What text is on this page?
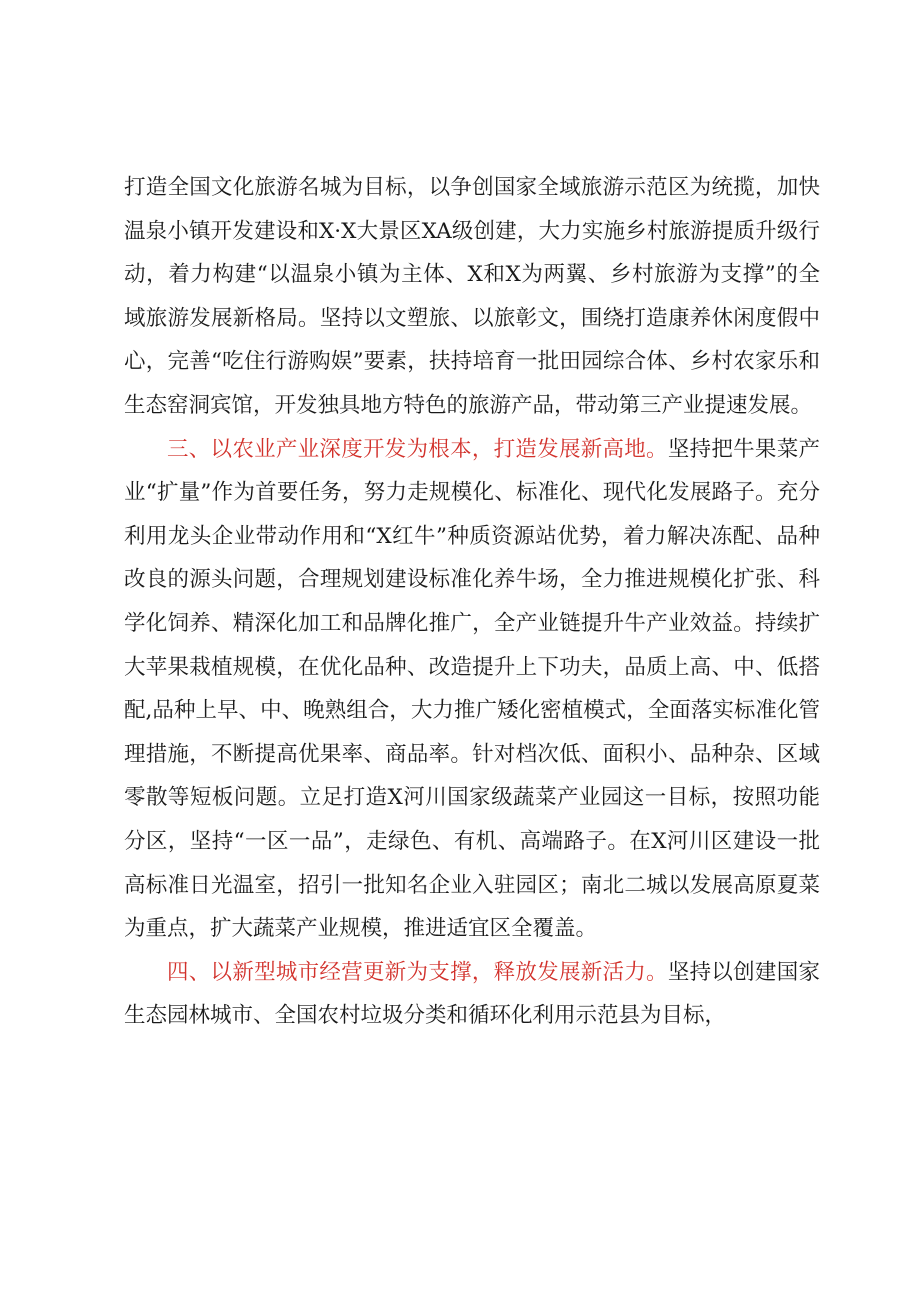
打造全国文化旅游名城为目标，以争创国家全域旅游示范区为统揽，加快温泉小镇开发建设和X·X大景区XA级创建，大力实施乡村旅游提质升级行动，着力构建“以温泉小镇为主体、X和X为两翼、乡村旅游为支撑”的全域旅游发展新格局。坚持以文塑旅、以旅彰文，围绕打造康养休闲度假中心，完善“吃住行游购娱”要素，扶持培育一批田园综合体、乡村农家乐和生态窑洞宾馆，开发独具地方特色的旅游产品，带动第三产业提速发展。

三、以农业产业深度开发为根本，打造发展新高地。坚持把牛果菜产业“扩量”作为首要任务，努力走规模化、标准化、现代化发展路子。充分利用龙头企业带动作用和“X红牛”种质资源站优势，着力解决冻配、品种改良的源头问题，合理规划建设标准化养牛场，全力推进规模化扩张、科学化饲养、精深化加工和品牌化推广，全产业链提升牛产业效益。持续扩大苹果栽植规模，在优化品种、改造提升上下功夫，品质上高、中、低搭配,品种上早、中、晚熟组合，大力推广矮化密植模式，全面落实标准化管理措施，不断提高优果率、商品率。针对档次低、面积小、品种杂、区域零散等短板问题。立足打造X河川国家级蔬菜产业园这一目标，按照功能分区，坚持“一区一品”，走绿色、有机、高端路子。在X河川区建设一批高标准日光温室，招引一批知名企业入驻园区；南北二城以发展高原夏菜为重点，扩大蔬菜产业规模，推进适宜区全覆盖。

四、以新型城市经营更新为支撑，释放发展新活力。坚持以创建国家生态园林城市、全国农村垃圾分类和循环化利用示范县为目标，
